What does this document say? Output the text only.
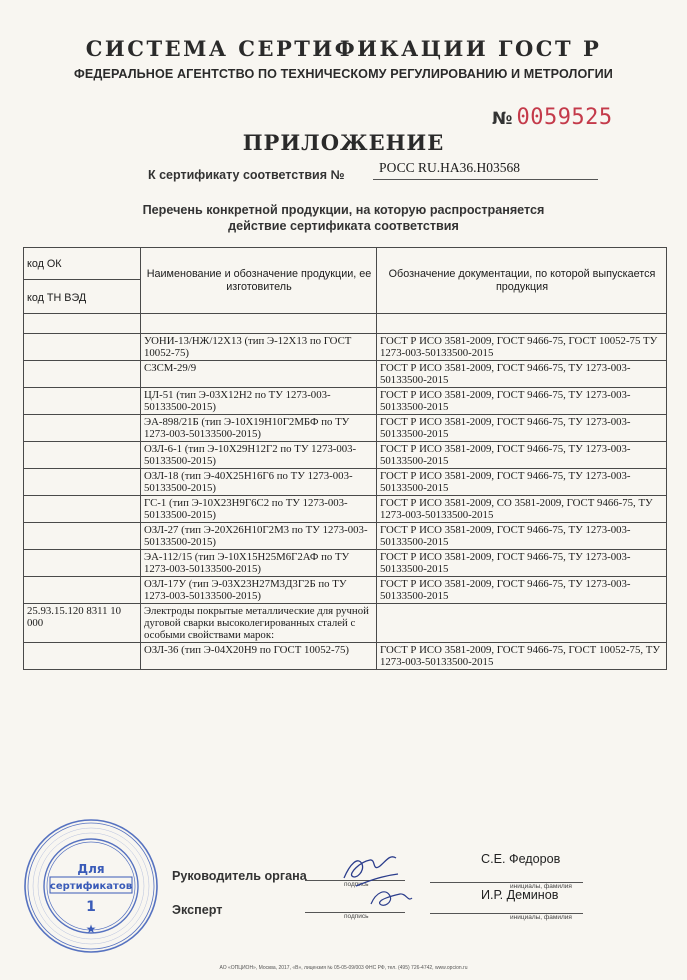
СИСТЕМА СЕРТИФИКАЦИИ ГОСТ Р
ФЕДЕРАЛЬНОЕ АГЕНТСТВО ПО ТЕХНИЧЕСКОМУ РЕГУЛИРОВАНИЮ И МЕТРОЛОГИИ
№ 0059525
ПРИЛОЖЕНИЕ
К сертификату соответствия №	РОСС RU.HA36.H03568
Перечень конкретной продукции, на которую распространяется
действие сертификата соответствия
код ОК
код ТН ВЭД	Наименование и обозначение продукции, ее изготовитель	Обозначение документации, по которой выпускается продукция

	УОНИ-13/НЖ/12Х13 (тип Э-12Х13 по ГОСТ 10052-75)	ГОСТ Р ИСО 3581-2009, ГОСТ 9466-75, ГОСТ 10052-75 ТУ 1273-003-50133500-2015
	СЗСМ-29/9	ГОСТ Р ИСО 3581-2009, ГОСТ 9466-75, ТУ 1273-003-50133500-2015
	ЦЛ-51 (тип Э-03Х12Н2 по ТУ 1273-003-50133500-2015)	ГОСТ Р ИСО 3581-2009, ГОСТ 9466-75, ТУ 1273-003-50133500-2015
	ЭА-898/21Б (тип Э-10Х19Н10Г2МБФ по ТУ 1273-003-50133500-2015)	ГОСТ Р ИСО 3581-2009, ГОСТ 9466-75, ТУ 1273-003-50133500-2015
	ОЗЛ-6-1 (тип Э-10Х29Н12Г2 по ТУ 1273-003-50133500-2015)	ГОСТ Р ИСО 3581-2009, ГОСТ 9466-75, ТУ 1273-003-50133500-2015
	ОЗЛ-18 (тип Э-40Х25Н16Г6 по ТУ 1273-003-50133500-2015)	ГОСТ Р ИСО 3581-2009, ГОСТ 9466-75, ТУ 1273-003-50133500-2015
	ГС-1 (тип Э-10Х23Н9Г6С2 по ТУ 1273-003-50133500-2015)	ГОСТ Р ИСО 3581-2009, СО 3581-2009, ГОСТ 9466-75, ТУ 1273-003-50133500-2015
	ОЗЛ-27 (тип Э-20Х26Н10Г2М3 по ТУ 1273-003-50133500-2015)	ГОСТ Р ИСО 3581-2009, ГОСТ 9466-75, ТУ 1273-003-50133500-2015
	ЭА-112/15 (тип Э-10Х15Н25М6Г2АФ по ТУ 1273-003-50133500-2015)	ГОСТ Р ИСО 3581-2009, ГОСТ 9466-75, ТУ 1273-003-50133500-2015
	ОЗЛ-17У (тип Э-03Х23Н27М3Д3Г2Б по ТУ 1273-003-50133500-2015)	ГОСТ Р ИСО 3581-2009, ГОСТ 9466-75, ТУ 1273-003-50133500-2015
25.93.15.120 8311 10 000	Электроды покрытые металлические для ручной дуговой сварки высоколегированных сталей с особыми свойствами марок:	
	ОЗЛ-36 (тип Э-04Х20Н9 по ГОСТ 10052-75)	ГОСТ Р ИСО 3581-2009, ГОСТ 9466-75, ГОСТ 10052-75, ТУ 1273-003-50133500-2015
Для
сертификатов
1
★
Руководитель органа
подпись
С.Е. Федоров
инициалы, фамилия
Эксперт	подпись
И.Р. Деминов
инициалы, фамилия
АО «ОПЦИОН», Москва, 2017, «В», лицензия № 05-05-09/003 ФНС РФ, тел. (495) 726-4742, www.opcion.ru
